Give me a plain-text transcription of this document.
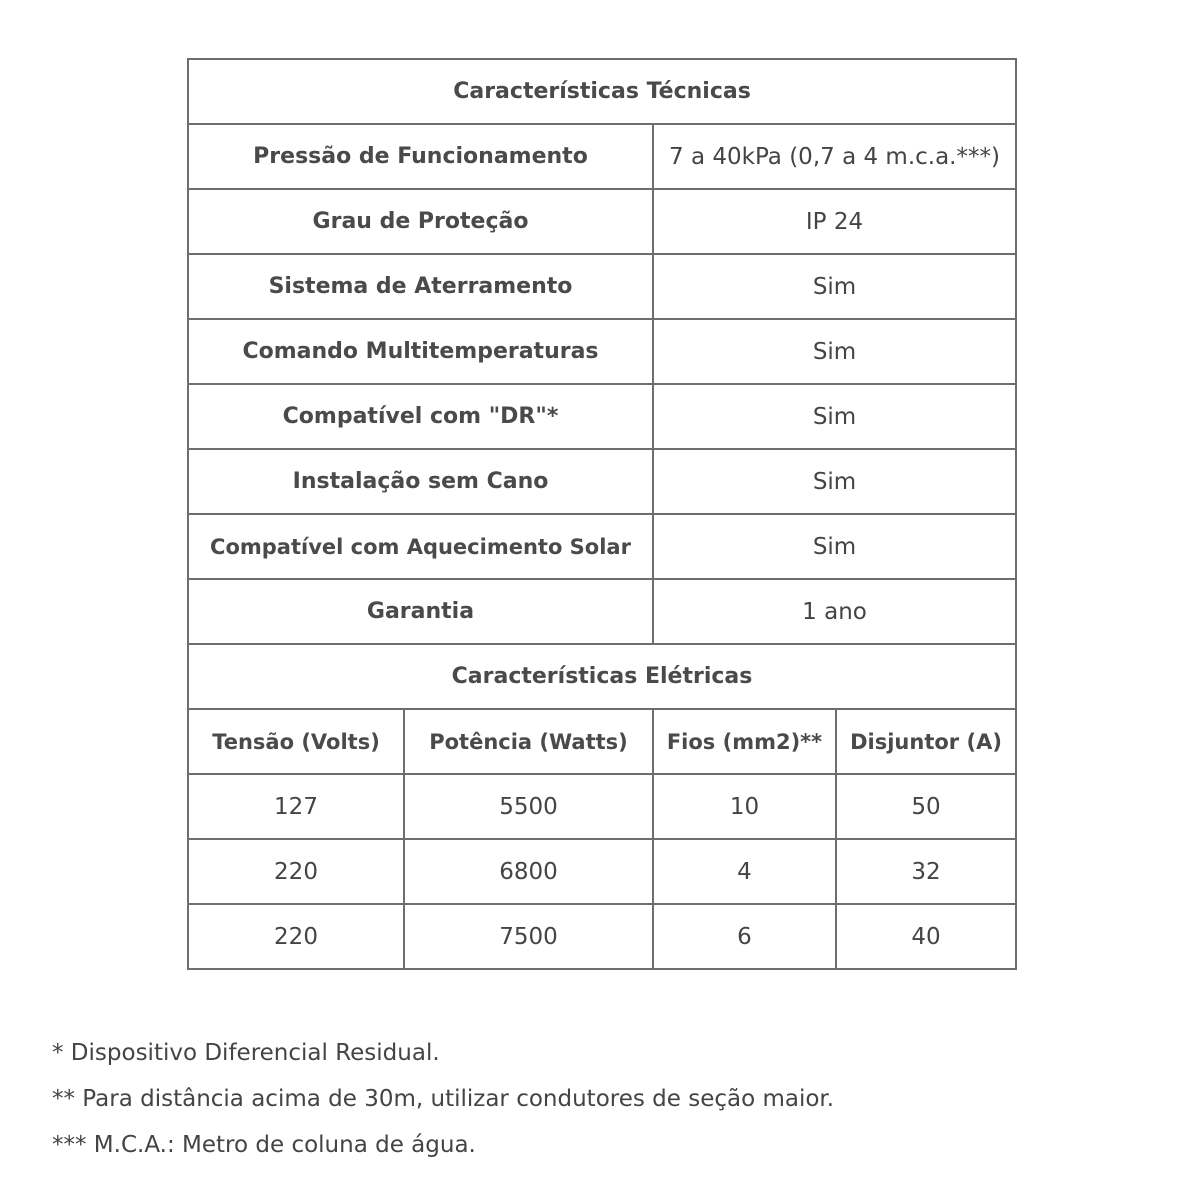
Características Técnicas			
Pressão de Funcionamento		7 a 40kPa (0,7 a 4 m.c.a.***)	
Grau de Proteção		IP 24	
Sistema de Aterramento		Sim	
Comando Multitemperaturas		Sim	
Compatível com "DR"*		Sim	
Instalação sem Cano		Sim	
Compatível com Aquecimento Solar		Sim	
Garantia		1 ano	
Características Elétricas			
Tensão (Volts)	Potência (Watts)	Fios (mm2)**	Disjuntor (A)
127	5500	10	50
220	6800	4	32
220	7500	6	40
* Dispositivo Diferencial Residual.
** Para distância acima de 30m, utilizar condutores de seção maior.
*** M.C.A.: Metro de coluna de água.
